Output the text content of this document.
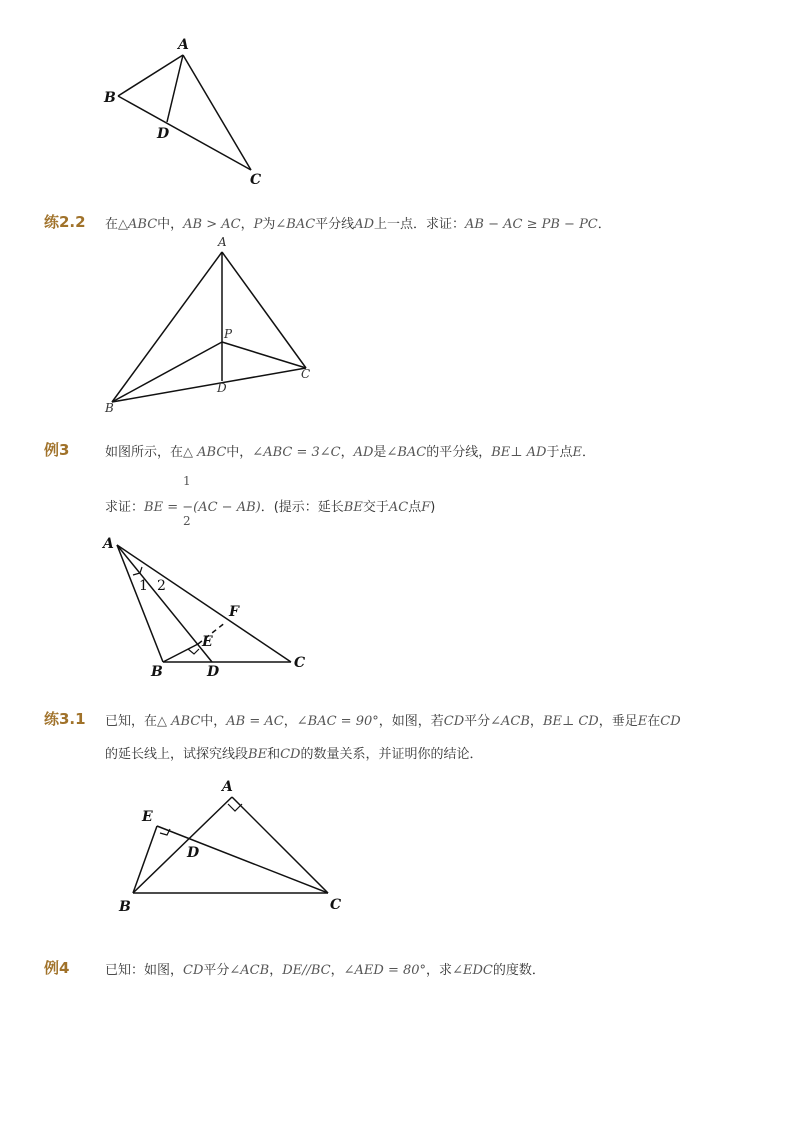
A
B
D
C
练2.2 在△ABC中，AB > AC，P为∠BAC平分线AD上一点．求证：AB − AC ≥ PB − PC．
A
P
C
D
B
例3	如图所示，在△ ABC中，∠ABC = 3∠C，AD是∠BAC的平分线，BE⊥ AD于点E．
1
求证：BE = −(AC − AB)．(提示：延长BE交于AC点F)
2
A
1 2
F
E
B	D
C
练3.1 已知，在△ ABC中，AB = AC，∠BAC = 90°，如图，若CD平分∠ACB，BE⊥ CD，垂足E在CD
的延长线上，试探究线段BE和CD的数量关系，并证明你的结论．
A
E
D
B	C
例4	已知：如图，CD平分∠ACB，DE//BC，∠AED = 80°，求∠EDC的度数．
